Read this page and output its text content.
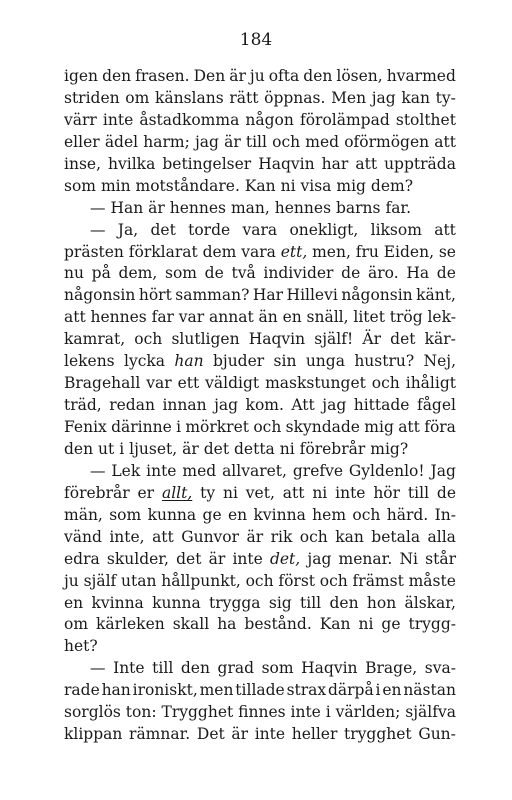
184
igen den frasen. Den är ju ofta den lösen, hvarmed
striden om känslans rätt öppnas. Men jag kan ty-
värr inte åstadkomma någon förolämpad stolthet
eller ädel harm; jag är till och med oförmögen att
inse, hvilka betingelser Haqvin har att uppträda
som min motståndare. Kan ni visa mig dem?
— Han är hennes man, hennes barns far.
— Ja, det torde vara onekligt, liksom att
prästen förklarat dem vara ett, men, fru Eiden, se
nu på dem, som de två individer de äro. Ha de
någonsin hört samman? Har Hillevi någonsin känt,
att hennes far var annat än en snäll, litet trög lek-
kamrat, och slutligen Haqvin själf! Är det kär-
lekens lycka han bjuder sin unga hustru? Nej,
Bragehall var ett väldigt maskstunget och ihåligt
träd, redan innan jag kom. Att jag hittade fågel
Fenix därinne i mörkret och skyndade mig att föra
den ut i ljuset, är det detta ni förebrår mig?
— Lek inte med allvaret, grefve Gyldenlo! Jag
förebrår er allt, ty ni vet, att ni inte hör till de
män, som kunna ge en kvinna hem och härd. In-
vänd inte, att Gunvor är rik och kan betala alla
edra skulder, det är inte det, jag menar. Ni står
ju själf utan hållpunkt, och först och främst måste
en kvinna kunna trygga sig till den hon älskar,
om kärleken skall ha bestånd. Kan ni ge trygg-
het?
— Inte till den grad som Haqvin Brage, sva-
rade han ironiskt, men tillade strax därpå i en nästan
sorglös ton: Trygghet finnes inte i världen; själfva
klippan rämnar. Det är inte heller trygghet Gun-
